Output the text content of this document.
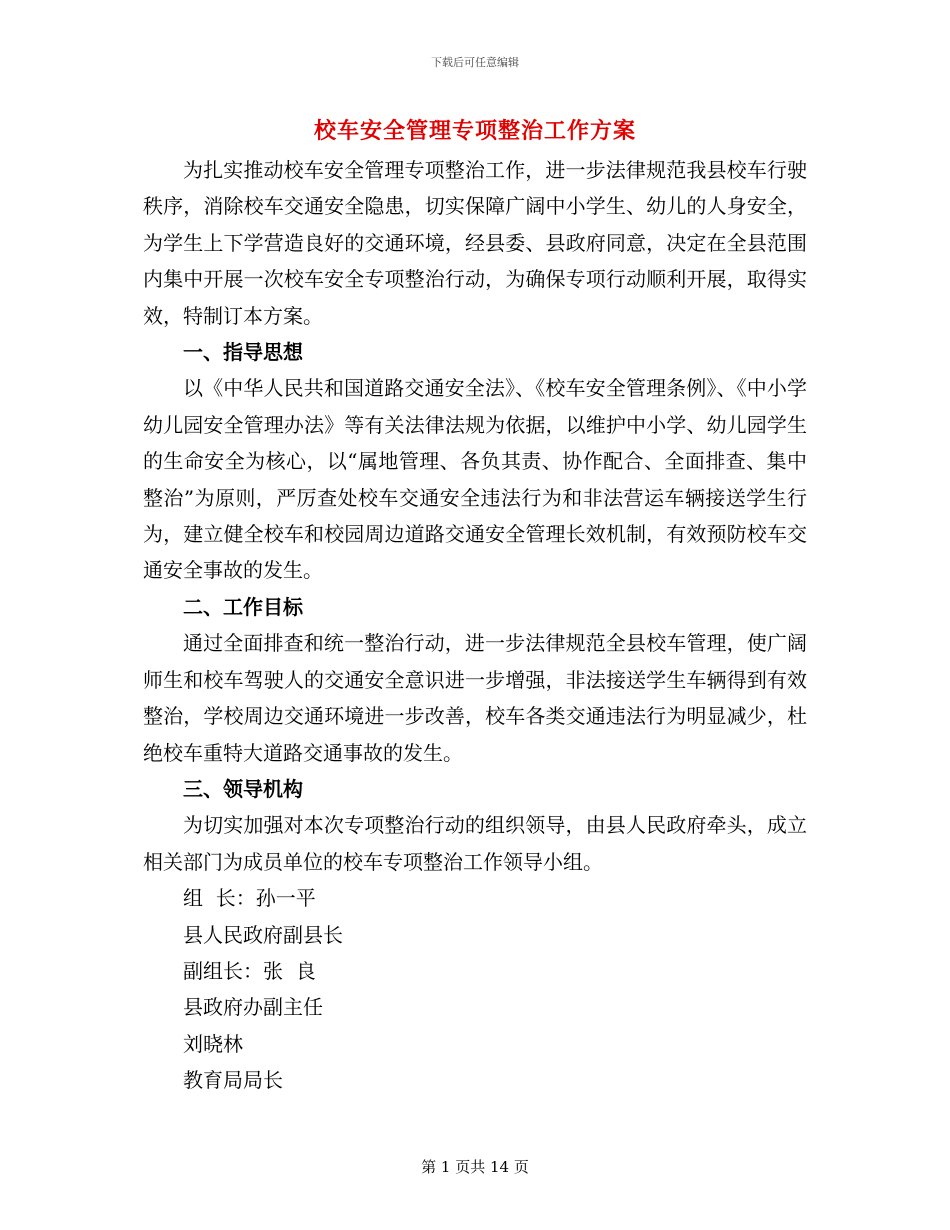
下载后可任意编辑
校车安全管理专项整治工作方案

为扎实推动校车安全管理专项整治工作，进一步法律规范我县校车行驶秩序，消除校车交通安全隐患，切实保障广阔中小学生、幼儿的人身安全，为学生上下学营造良好的交通环境，经县委、县政府同意，决定在全县范围内集中开展一次校车安全专项整治行动，为确保专项行动顺利开展，取得实效，特制订本方案。

一、指导思想

以《中华人民共和国道路交通安全法》、《校车安全管理条例》、《中小学幼儿园安全管理办法》等有关法律法规为依据，以维护中小学、幼儿园学生的生命安全为核心，以“属地管理、各负其责、协作配合、全面排查、集中整治”为原则，严厉查处校车交通安全违法行为和非法营运车辆接送学生行为，建立健全校车和校园周边道路交通安全管理长效机制，有效预防校车交通安全事故的发生。

二、工作目标

通过全面排查和统一整治行动，进一步法律规范全县校车管理，使广阔师生和校车驾驶人的交通安全意识进一步增强，非法接送学生车辆得到有效整治，学校周边交通环境进一步改善，校车各类交通违法行为明显减少，杜绝校车重特大道路交通事故的发生。

三、领导机构

为切实加强对本次专项整治行动的组织领导，由县人民政府牵头，成立相关部门为成员单位的校车专项整治工作领导小组。

组  长：孙一平

县人民政府副县长

副组长：张  良

县政府办副主任

刘晓林

教育局局长

第 1 页共 14 页
